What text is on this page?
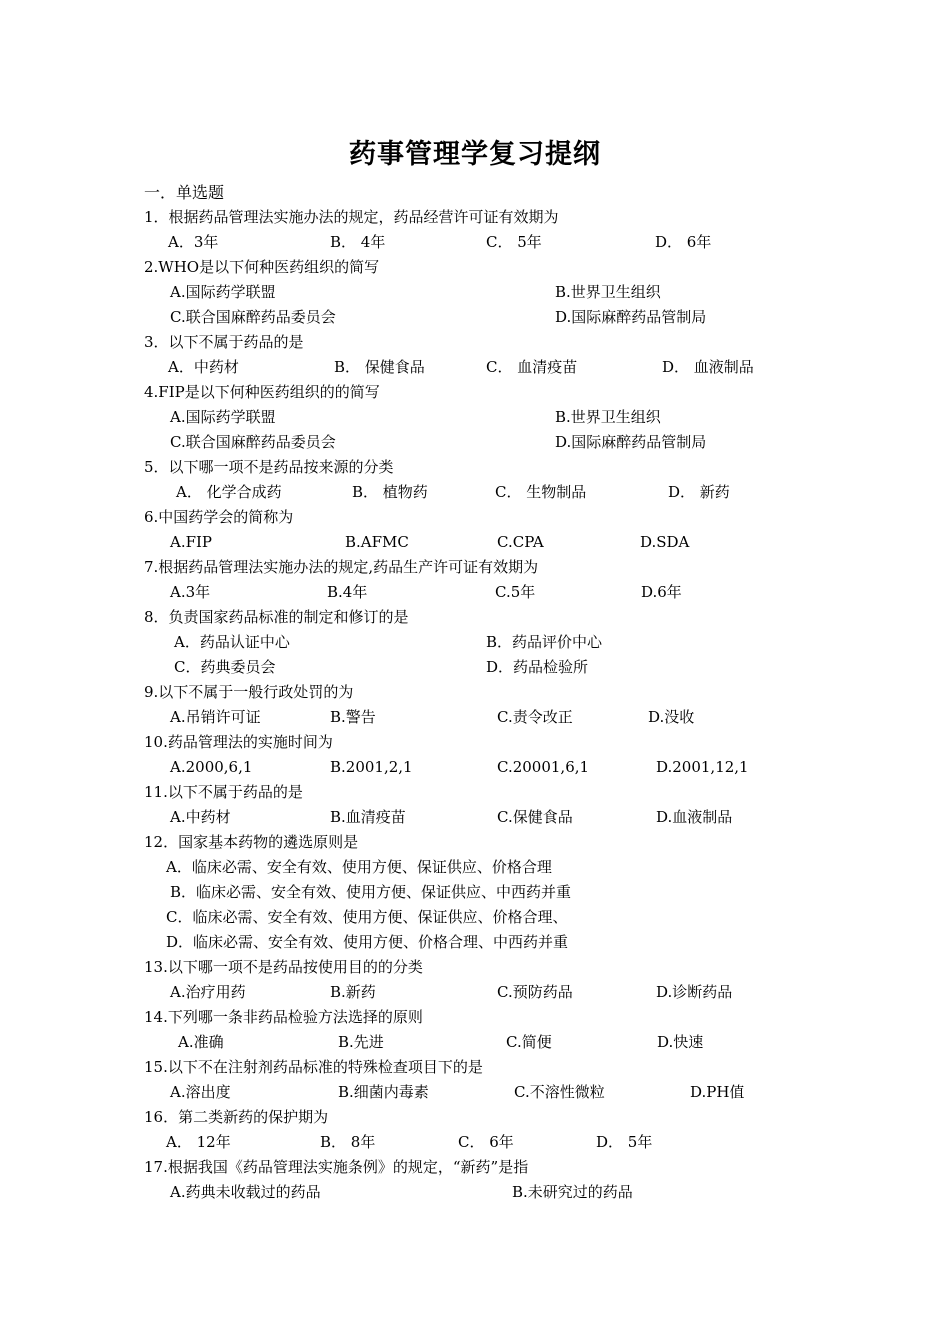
药事管理学复习提纲
一．单选题
1．根据药品管理法实施办法的规定，药品经营许可证有效期为
A．3年	B． 4年	C． 5年	D． 6年
2.WHO是以下何种医药组织的简写
A.国际药学联盟	B.世界卫生组织
C.联合国麻醉药品委员会	D.国际麻醉药品管制局
3．以下不属于药品的是
A．中药材	B． 保健食品	C． 血清疫苗	D． 血液制品
4.FIP是以下何种医药组织的的简写
A.国际药学联盟	B.世界卫生组织
C.联合国麻醉药品委员会	D.国际麻醉药品管制局
5．以下哪一项不是药品按来源的分类
A． 化学合成药	B． 植物药	C． 生物制品	D． 新药
6.中国药学会的简称为
A.FIP	B.AFMC	C.CPA	D.SDA
7.根据药品管理法实施办法的规定,药品生产许可证有效期为
A.3年	B.4年	C.5年	D.6年
8．负责国家药品标准的制定和修订的是
A．药品认证中心	B．药品评价中心
C．药典委员会	D．药品检验所
9.以下不属于一般行政处罚的为
A.吊销许可证	B.警告	C.责令改正	D.没收
10.药品管理法的实施时间为
A.2000,6,1	B.2001,2,1	C.20001,6,1	D.2001,12,1
11.以下不属于药品的是
A.中药材	B.血清疫苗	C.保健食品	D.血液制品
12．国家基本药物的遴选原则是
A．临床必需、安全有效、使用方便、保证供应、价格合理
B．临床必需、安全有效、使用方便、保证供应、中西药并重
C．临床必需、安全有效、使用方便、保证供应、价格合理、
D．临床必需、安全有效、使用方便、价格合理、中西药并重
13.以下哪一项不是药品按使用目的的分类
A.治疗用药	B.新药	C.预防药品	D.诊断药品
14.下列哪一条非药品检验方法选择的原则
A.准确	B.先进	C.简便	D.快速
15.以下不在注射剂药品标准的特殊检查项目下的是
A.溶出度	B.细菌内毒素	C.不溶性微粒	D.PH值
16．第二类新药的保护期为
A． 12年	B． 8年	C． 6年	D． 5年
17.根据我国《药品管理法实施条例》的规定，“新药”是指
A.药典未收载过的药品	B.未研究过的药品
